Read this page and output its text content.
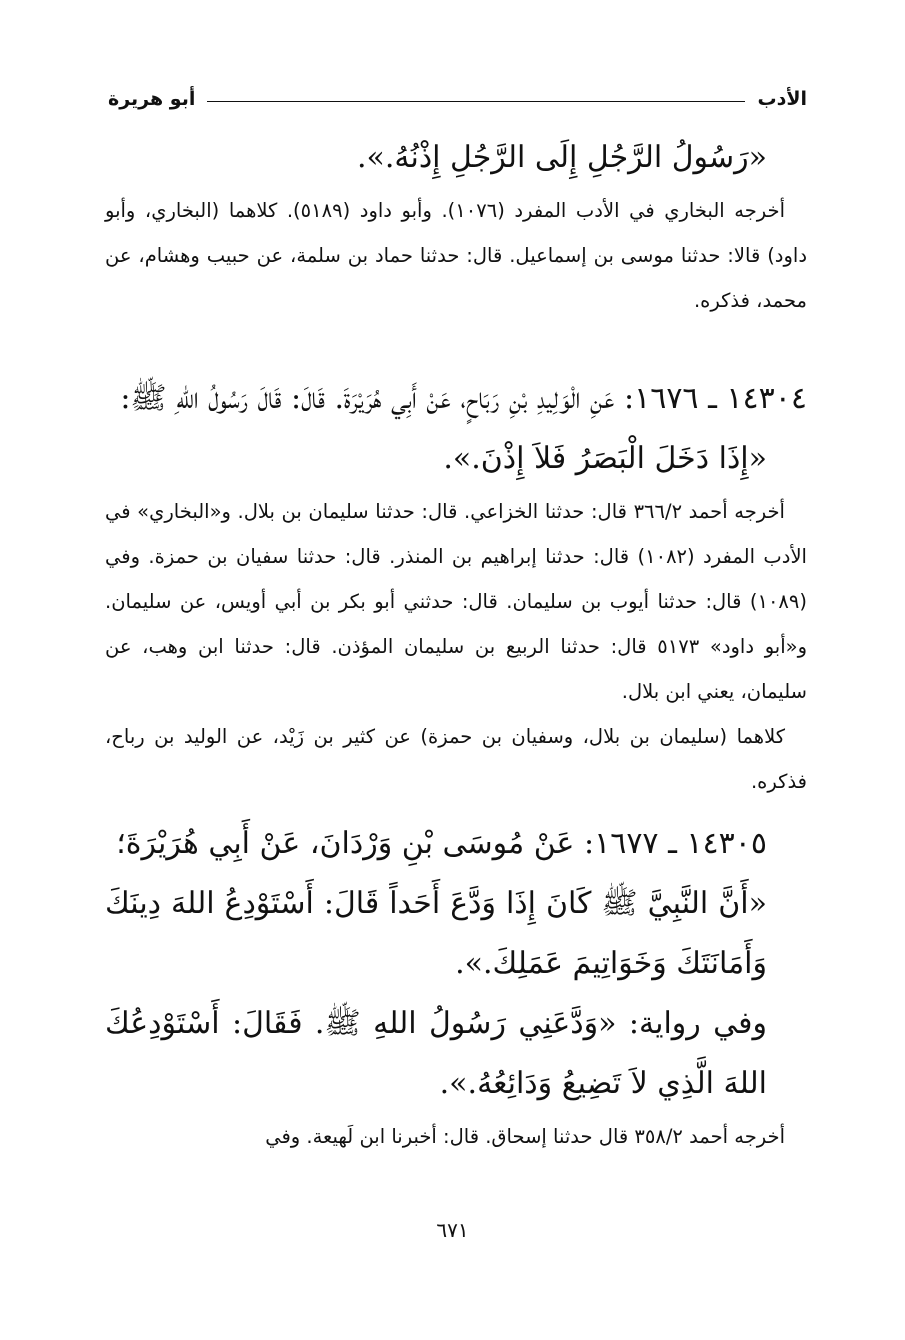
الأدب
أبو هريرة

«رَسُولُ الرَّجُلِ إِلَى الرَّجُلِ إِذْنُهُ.».

أخرجه البخاري في الأدب المفرد (١٠٧٦). وأبو داود (٥١٨٩). كلاهما (البخاري، وأبو داود) قالا: حدثنا موسى بن إسماعيل. قال: حدثنا حماد بن سلمة، عن حبيب وهشام، عن محمد، فذكره.

١٤٣٠٤ ـ ١٦٧٦: عَنِ الْوَلِيدِ بْنِ رَبَاحٍ، عَنْ أَبِي هُرَيْرَةَ. قَالَ: قَالَ رَسُولُ اللهِ ﷺ:

«إِذَا دَخَلَ الْبَصَرُ فَلاَ إِذْنَ.».

أخرجه أحمد ٣٦٦/٢ قال: حدثنا الخزاعي. قال: حدثنا سليمان بن بلال. و«البخاري» في الأدب المفرد (١٠٨٢) قال: حدثنا إبراهيم بن المنذر. قال: حدثنا سفيان بن حمزة. وفي (١٠٨٩) قال: حدثنا أيوب بن سليمان. قال: حدثني أبو بكر بن أبي أويس، عن سليمان. و«أبو داود» ٥١٧٣ قال: حدثنا الربيع بن سليمان المؤذن. قال: حدثنا ابن وهب، عن سليمان، يعني ابن بلال.

كلاهما (سليمان بن بلال، وسفيان بن حمزة) عن كثير بن زَيْد، عن الوليد بن رباح، فذكره.

١٤٣٠٥ ـ ١٦٧٧: عَنْ مُوسَى بْنِ وَرْدَانَ، عَنْ أَبِي هُرَيْرَةَ؛

«أَنَّ النَّبِيَّ ﷺ كَانَ إِذَا وَدَّعَ أَحَداً قَالَ: أَسْتَوْدِعُ اللهَ دِينَكَ وَأَمَانَتَكَ وَخَوَاتِيمَ عَمَلِكَ.».

وفي رواية: «وَدَّعَنِي رَسُولُ اللهِ ﷺ. فَقَالَ: أَسْتَوْدِعُكَ اللهَ الَّذِي لاَ تَضِيعُ وَدَائِعُهُ.».

أخرجه أحمد ٣٥٨/٢ قال حدثنا إسحاق. قال: أخبرنا ابن لَهيعة. وفي

٦٧١
